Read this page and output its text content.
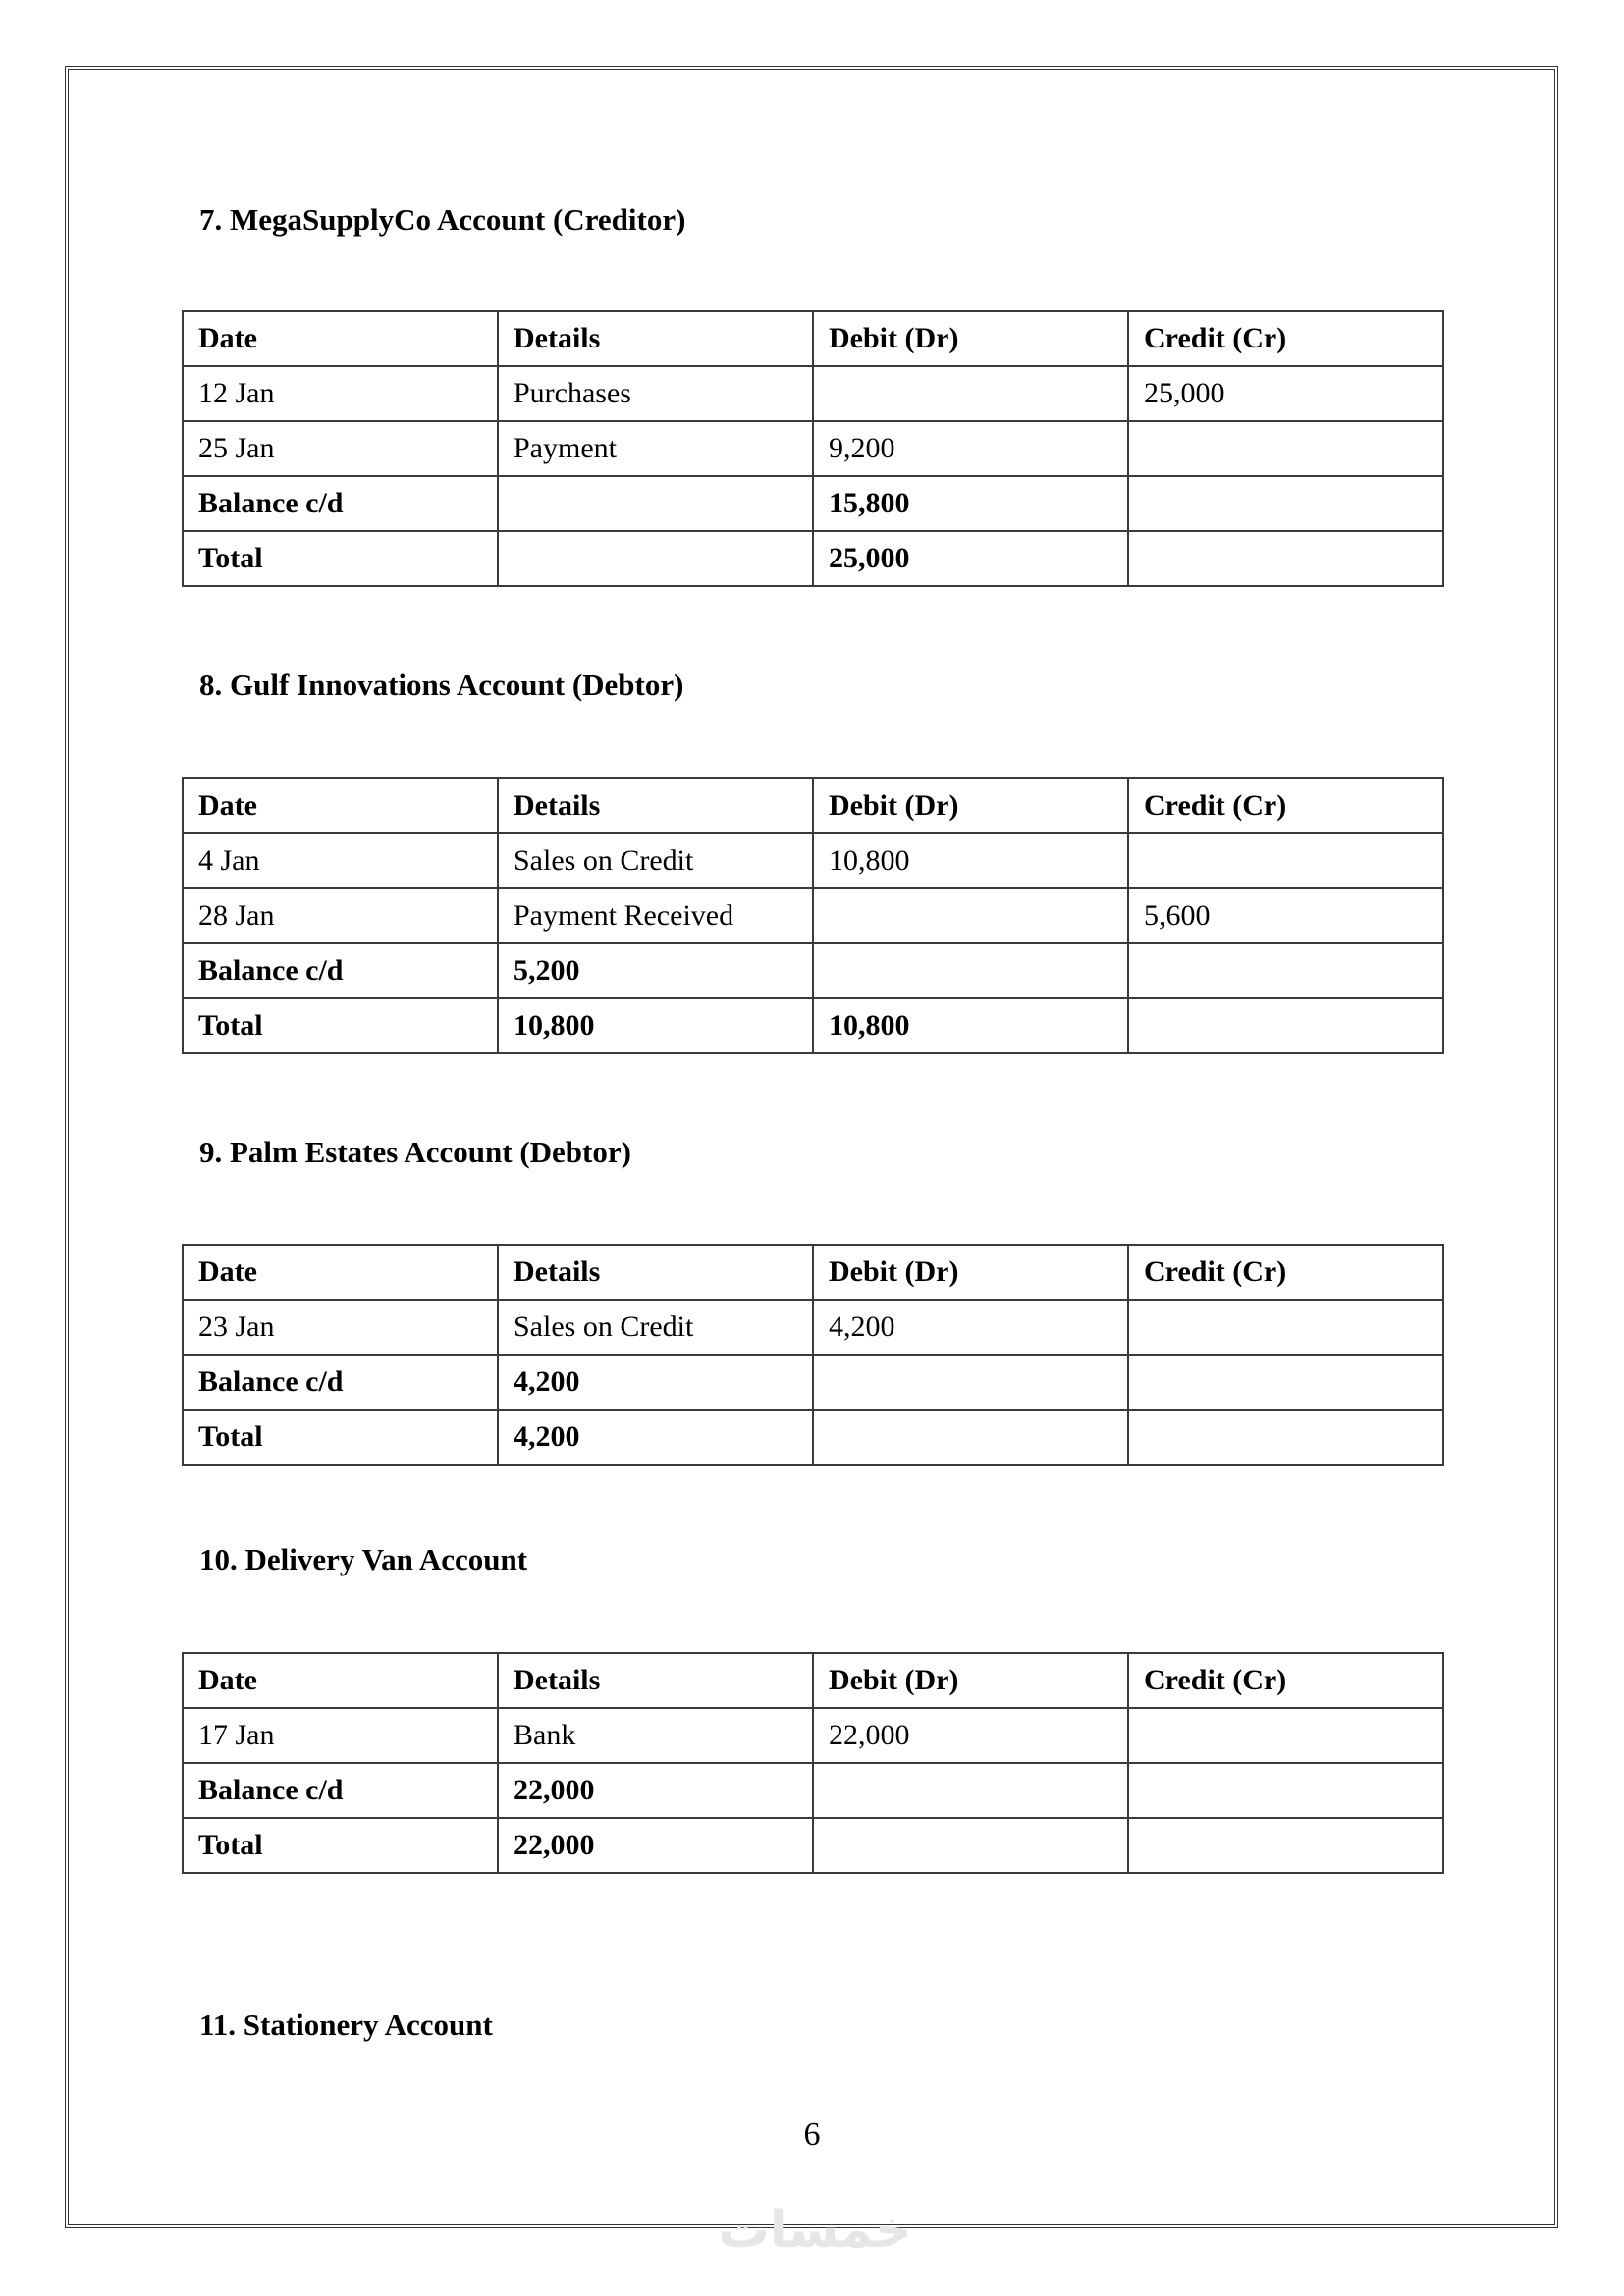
7. MegaSupplyCo Account (Creditor)
Date	Details	Debit (Dr)	Credit (Cr)
12 Jan	Purchases		25,000
25 Jan	Payment	9,200	
Balance c/d		15,800	
Total		25,000	
8. Gulf Innovations Account (Debtor)
Date	Details	Debit (Dr)	Credit (Cr)
4 Jan	Sales on Credit	10,800	
28 Jan	Payment Received		5,600
Balance c/d	5,200		
Total	10,800	10,800	
9. Palm Estates Account (Debtor)
Date	Details	Debit (Dr)	Credit (Cr)
23 Jan	Sales on Credit	4,200	
Balance c/d	4,200		
Total	4,200		
10. Delivery Van Account
Date	Details	Debit (Dr)	Credit (Cr)
17 Jan	Bank	22,000	
Balance c/d	22,000		
Total	22,000		
11. Stationery Account
6
خمسات
